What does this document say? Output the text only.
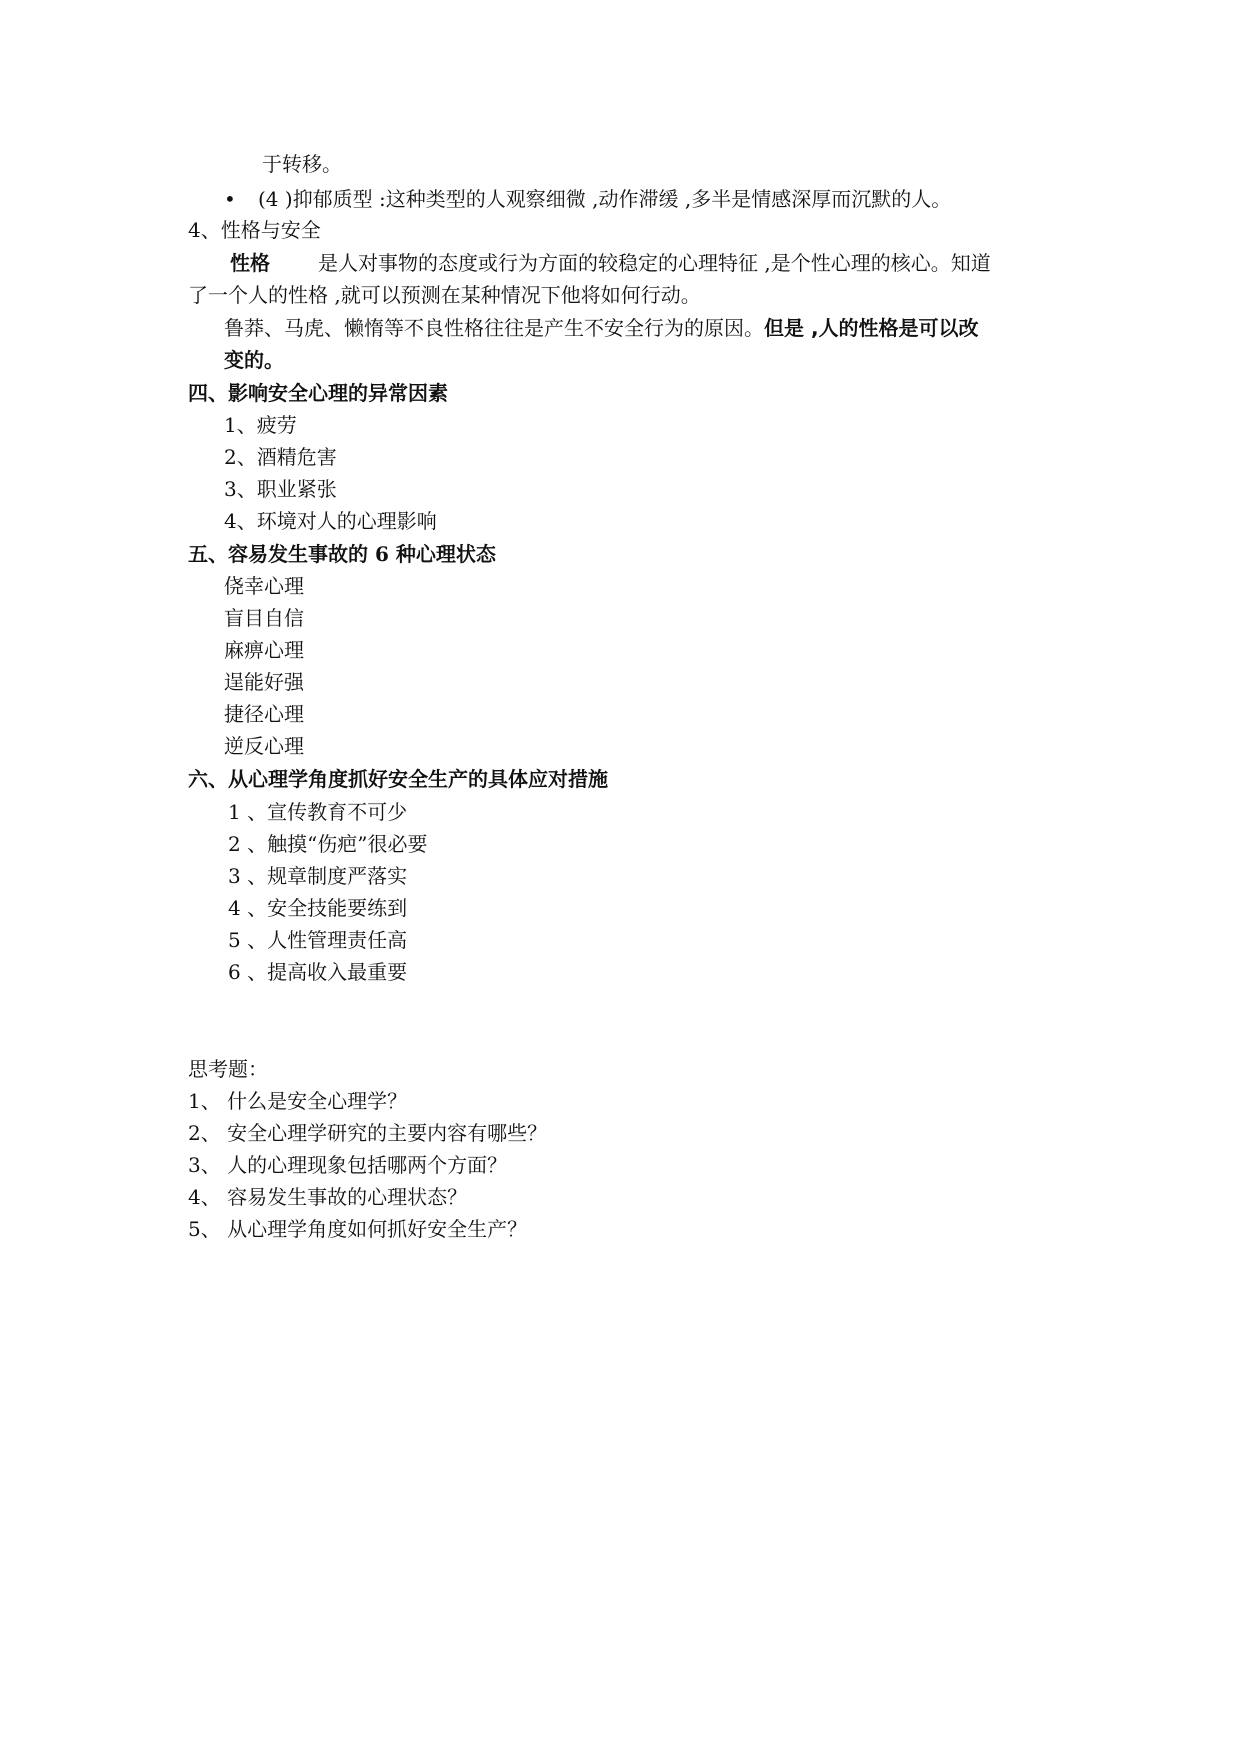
于转移。
• (4 )抑郁质型 :这种类型的人观察细微 ,动作滞缓 ,多半是情感深厚而沉默的人。
4、性格与安全
性格 是人对事物的态度或行为方面的较稳定的心理特征 ,是个性心理的核心。知道
了一个人的性格 ,就可以预测在某种情况下他将如何行动。
鲁莽、马虎、懒惰等不良性格往往是产生不安全行为的原因。但是 ,人的性格是可以改
变的。
四、影响安全心理的异常因素
1、疲劳
2、酒精危害
3、职业紧张
4、环境对人的心理影响
五、容易发生事故的 6 种心理状态
侥幸心理
盲目自信
麻痹心理
逞能好强
捷径心理
逆反心理
六、从心理学角度抓好安全生产的具体应对措施
1 、宣传教育不可少
2 、触摸“伤疤”很必要
3 、规章制度严落实
4 、安全技能要练到
5 、人性管理责任高
6 、提高收入最重要
思考题：
1、 什么是安全心理学？
2、 安全心理学研究的主要内容有哪些？
3、 人的心理现象包括哪两个方面？
4、 容易发生事故的心理状态？
5、 从心理学角度如何抓好安全生产？
